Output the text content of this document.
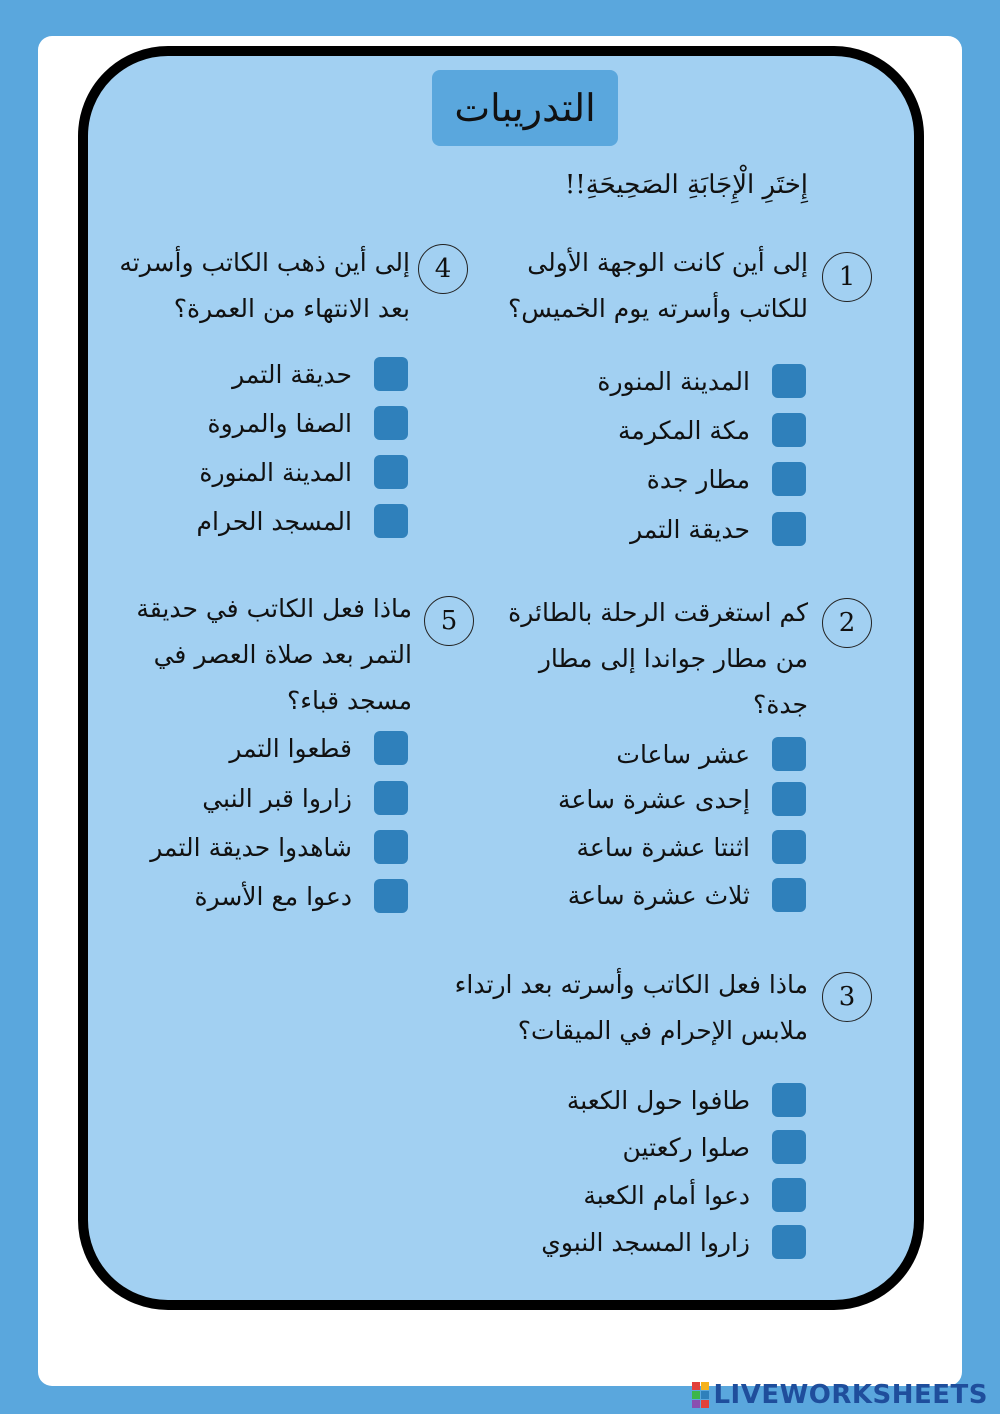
التدريبات
إِختَرِ الْإِجَابَةِ الصَحِيحَةِ!!
1
إلى أين كانت الوجهة الأولى
للكاتب وأسرته يوم الخميس؟
المدينة المنورة
مكة المكرمة
مطار جدة
حديقة التمر
2
كم استغرقت الرحلة بالطائرة
من مطار جواندا إلى مطار
جدة؟
عشر ساعات
إحدى عشرة ساعة
اثنتا عشرة ساعة
ثلاث عشرة ساعة
3
ماذا فعل الكاتب وأسرته بعد ارتداء
ملابس الإحرام في الميقات؟
طافوا حول الكعبة
صلوا ركعتين
دعوا أمام الكعبة
زاروا المسجد النبوي
4
إلى أين ذهب الكاتب وأسرته
بعد الانتهاء من العمرة؟
حديقة التمر
الصفا والمروة
المدينة المنورة
المسجد الحرام
5
ماذا فعل الكاتب في حديقة
التمر بعد صلاة العصر في
مسجد قباء؟
قطعوا التمر
زاروا قبر النبي
شاهدوا حديقة التمر
دعوا مع الأسرة
LIVEWORKSHEETS
